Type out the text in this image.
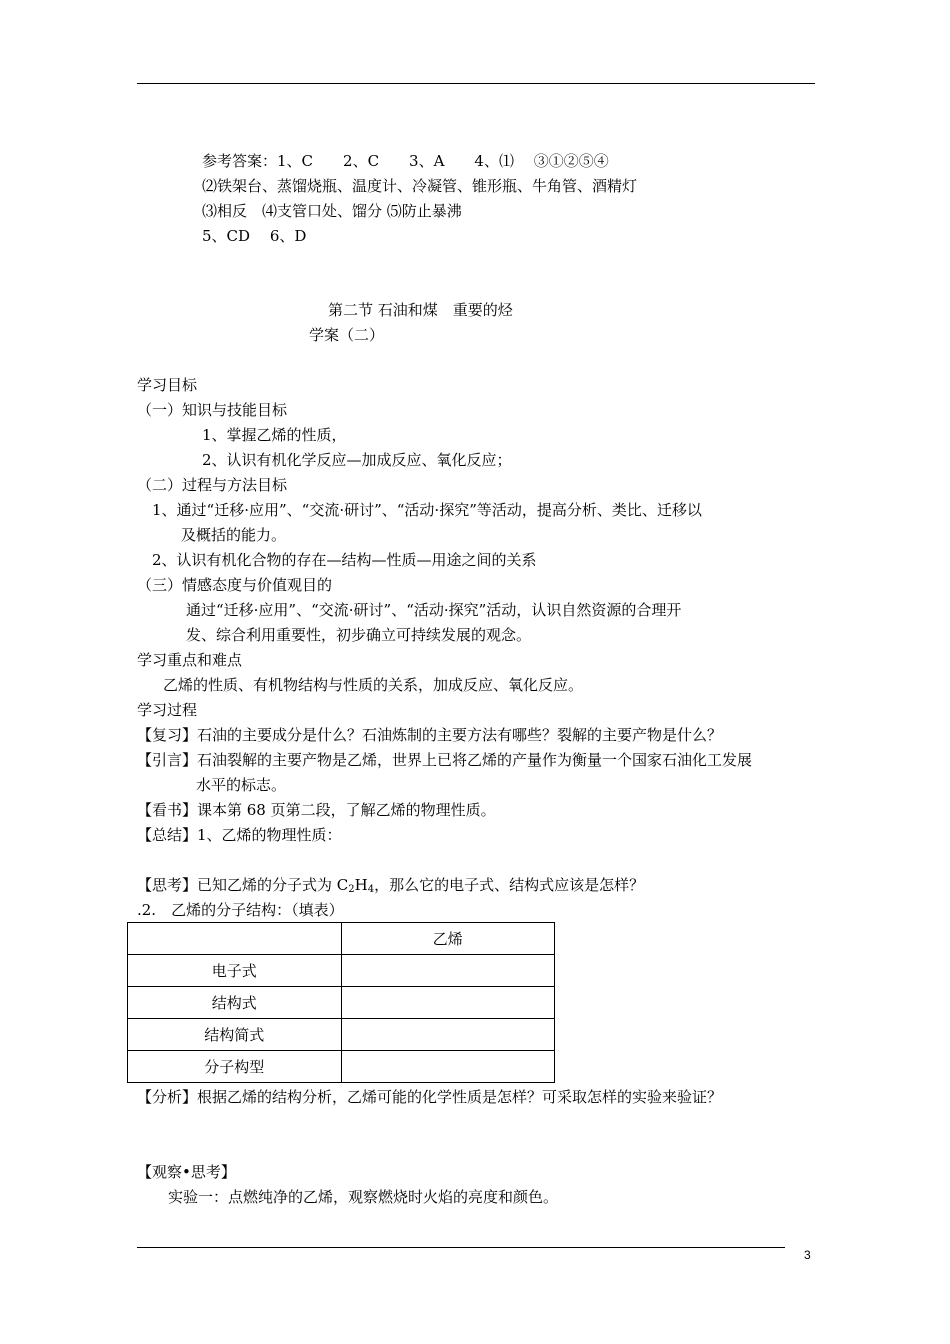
参考答案：1、C　　2、C　　3、A　　4、⑴　 ③①②⑤④
⑵铁架台、蒸馏烧瓶、温度计、冷凝管、锥形瓶、牛角管、酒精灯
⑶相反　⑷支管口处、馏分 ⑸防止暴沸
5、CD　 6、D
第二节 石油和煤　重要的烃
学案（二）
学习目标
（一）知识与技能目标
1、掌握乙烯的性质，
2、认识有机化学反应—加成反应、氧化反应；
（二）过程与方法目标
1、通过“迁移·应用”、“交流·研讨”、“活动·探究”等活动，提高分析、类比、迁移以
及概括的能力。
2、认识有机化合物的存在—结构—性质—用途之间的关系
（三）情感态度与价值观目的
通过“迁移·应用”、“交流·研讨”、“活动·探究”活动，认识自然资源的合理开
发、综合利用重要性，初步确立可持续发展的观念。
学习重点和难点
乙烯的性质、有机物结构与性质的关系，加成反应、氧化反应。
学习过程
【复习】石油的主要成分是什么？石油炼制的主要方法有哪些？裂解的主要产物是什么？
【引言】石油裂解的主要产物是乙烯，世界上已将乙烯的产量作为衡量一个国家石油化工发展
水平的标志。
【看书】课本第 68 页第二段，了解乙烯的物理性质。
【总结】1、乙烯的物理性质：
【思考】已知乙烯的分子式为 $C_2H_4$，那么它的电子式、结构式应该是怎样？
.2.　乙烯的分子结构：（填表）
	乙烯
电子式	
结构式	
结构简式	
分子构型	
【分析】根据乙烯的结构分析，乙烯可能的化学性质是怎样？可采取怎样的实验来验证？
【观察•思考】
实验一：点燃纯净的乙烯，观察燃烧时火焰的亮度和颜色。
3
